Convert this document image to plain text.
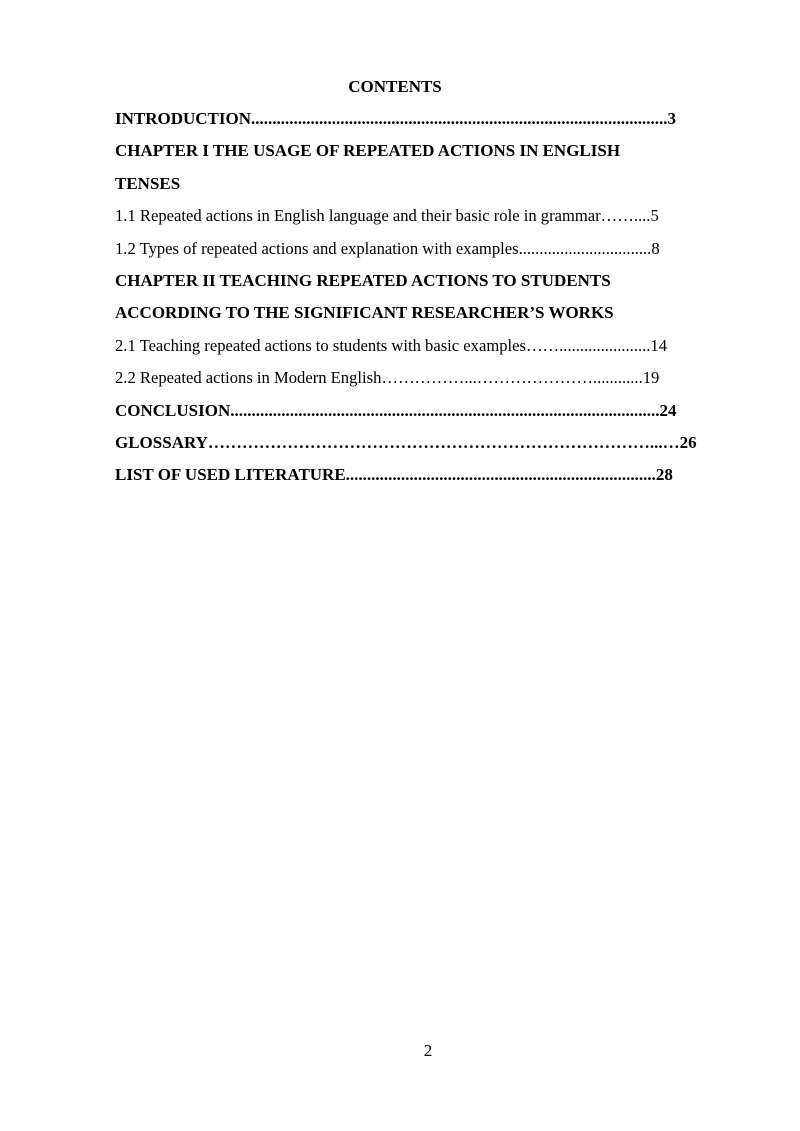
CONTENTS
INTRODUCTION..................................................................................................3
CHAPTER I THE USAGE OF REPEATED ACTIONS IN ENGLISH
TENSES
1.1 Repeated actions in English language and their basic role in grammar……....5
1.2 Types of repeated actions and explanation with examples................................8
CHAPTER II TEACHING REPEATED ACTIONS TO STUDENTS
ACCORDING TO THE SIGNIFICANT RESEARCHER’S WORKS
2.1 Teaching repeated actions to students with basic examples……......................14
2.2 Repeated actions in Modern English……………...…………………............19
CONCLUSION.....................................................................................................24
GLOSSARY……………………………………………………………………...…26
LIST OF USED LITERATURE.........................................................................28
2
